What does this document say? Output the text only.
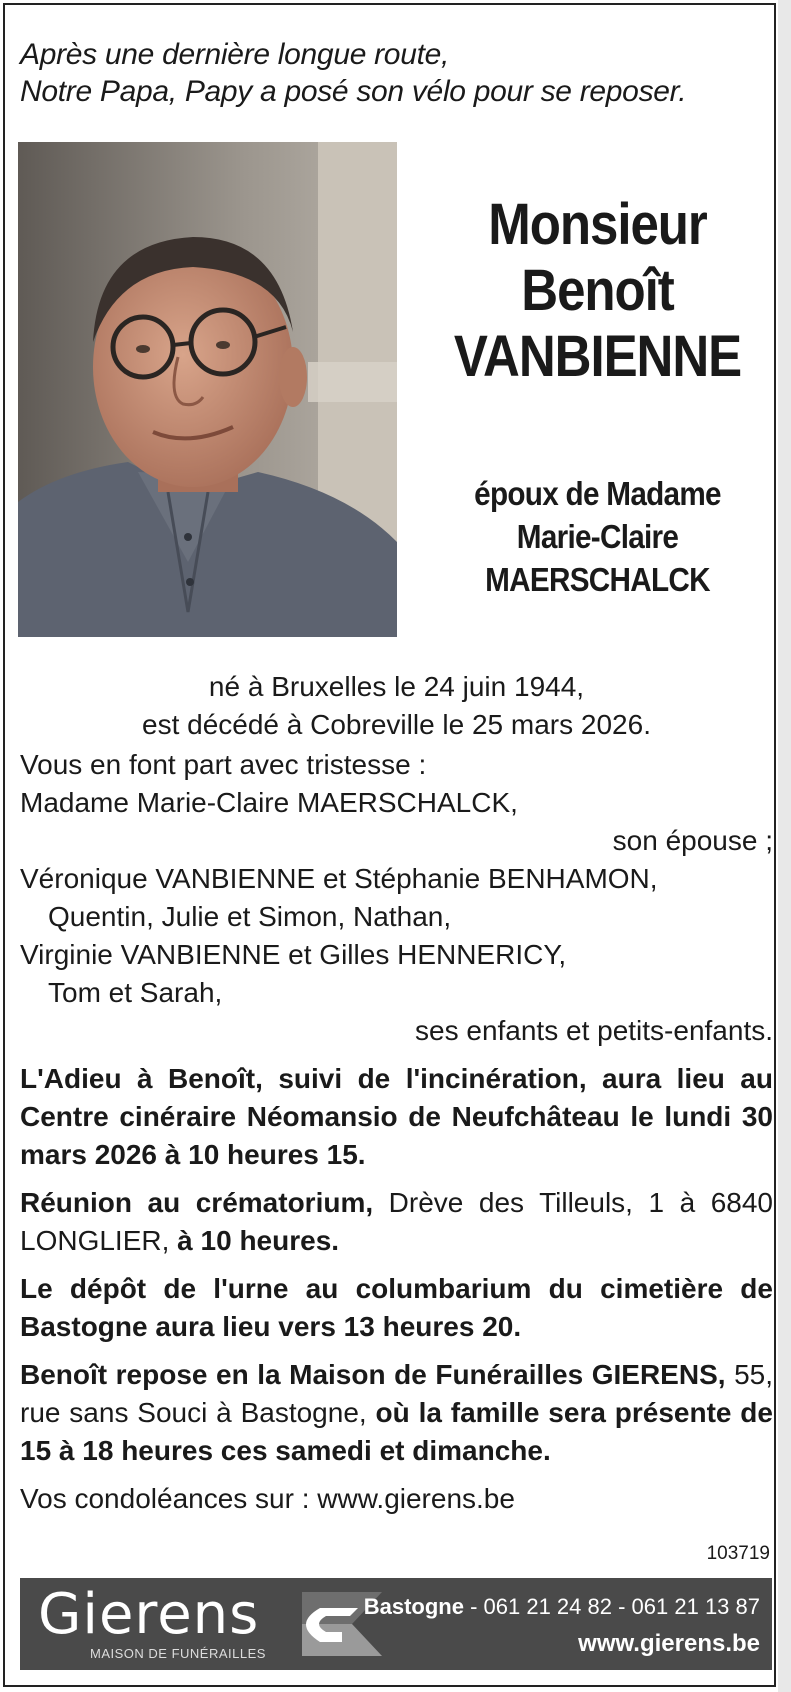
Après une dernière longue route,
Notre Papa, Papy a posé son vélo pour se reposer.
Monsieur
Benoît
VANBIENNE
époux de Madame
Marie-Claire
MAERSCHALCK
né à Bruxelles le 24 juin 1944,
est décédé à Cobreville le 25 mars 2026.
Vous en font part avec tristesse :
Madame Marie-Claire MAERSCHALCK,
son épouse ;
Véronique VANBIENNE et Stéphanie BENHAMON,
Quentin, Julie et Simon, Nathan,
Virginie VANBIENNE et Gilles HENNERICY,
Tom et Sarah,
ses enfants et petits-enfants.
L'Adieu à Benoît, suivi de l'incinération, aura lieu au Centre cinéraire Néomansio de Neufchâteau le lundi 30 mars 2026 à 10 heures 15.
Réunion au crématorium, Drève des Tilleuls, 1 à 6840 LONGLIER, à 10 heures.
Le dépôt de l'urne au columbarium du cimetière de Bastogne aura lieu vers 13 heures 20.
Benoît repose en la Maison de Funérailles GIERENS, 55, rue sans Souci à Bastogne, où la famille sera présente de 15 à 18 heures ces samedi et dimanche.
Vos condoléances sur : www.gierens.be
103719
Gierens
MAISON DE FUNÉRAILLES
Bastogne - 061 21 24 82 - 061 21 13 87
www.gierens.be
